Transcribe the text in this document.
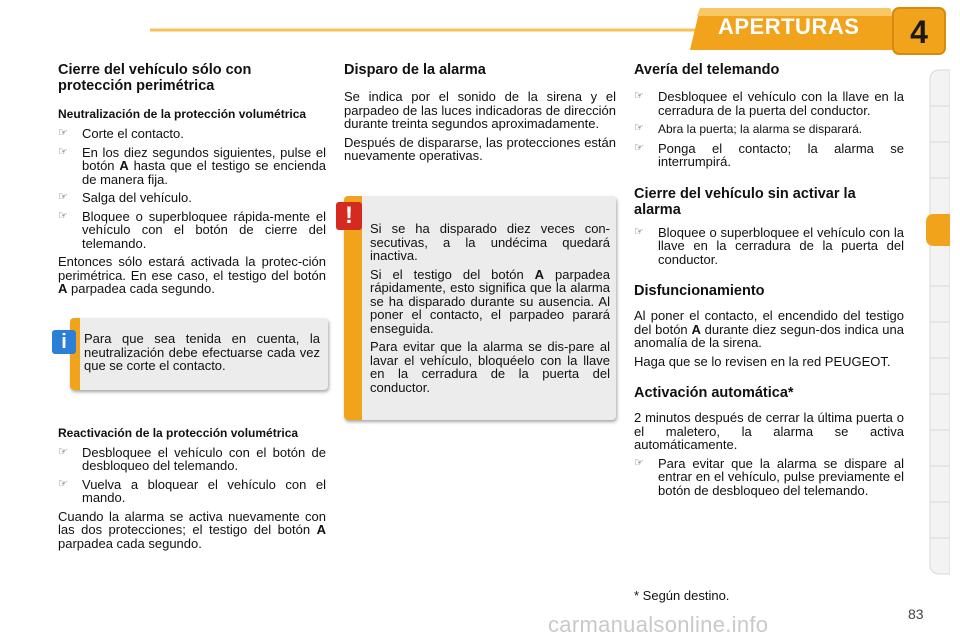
APERTURAS	4
Cierre del vehículo sólo con protección perimétrica
Neutralización de la protección volumétrica
☞ Corte el contacto.
☞ En los diez segundos siguientes, pulse el botón A hasta que el testigo se encienda de manera fija.
☞ Salga del vehículo.
☞ Bloquee o superbloquee rápida-mente el vehículo con el botón de cierre del telemando.

Entonces sólo estará activada la protec-ción perimétrica. En ese caso, el testigo del botón A parpadea cada segundo.

Reactivación de la protección volumétrica
☞ Desbloquee el vehículo con el botón de desbloqueo del telemando.
☞ Vuelva a bloquear el vehículo con el mando.

Cuando la alarma se activa nuevamente con las dos protecciones; el testigo del botón A parpadea cada segundo.

Para que sea tenida en cuenta, la neutralización debe efectuarse cada vez que se corte el contacto.
i
Disparo de la alarma

Se indica por el sonido de la sirena y el parpadeo de las luces indicadoras de dirección durante treinta segundos aproximadamente.

Después de dispararse, las protecciones están nuevamente operativas.

Si se ha disparado diez veces con-secutivas, a la undécima quedará inactiva.

Si el testigo del botón A parpadea rápidamente, esto significa que la alarma se ha disparado durante su ausencia. Al poner el contacto, el parpadeo parará enseguida.

Para evitar que la alarma se dis-pare al lavar el vehículo, bloquéelo con la llave en la cerradura de la puerta del conductor.

!
Avería del telemando
☞ Desbloquee el vehículo con la llave en la cerradura de la puerta del conductor.
☞ Abra la puerta; la alarma se disparará.
☞ Ponga el contacto; la alarma se interrumpirá.
Cierre del vehículo sin activar la alarma
☞ Bloquee o superbloquee el vehículo con la llave en la cerradura de la puerta del conductor.
Disfuncionamiento

Al poner el contacto, el encendido del testigo del botón A durante diez segun-dos indica una anomalía de la sirena.

Haga que se lo revisen en la red PEUGEOT.

Activación automática*

2 minutos después de cerrar la última puerta o el maletero, la alarma se activa automáticamente.

☞ Para evitar que la alarma se dispare al entrar en el vehículo, pulse previamente el botón de desbloqueo del telemando.
* Según destino.
carmanualsonline.info	83
